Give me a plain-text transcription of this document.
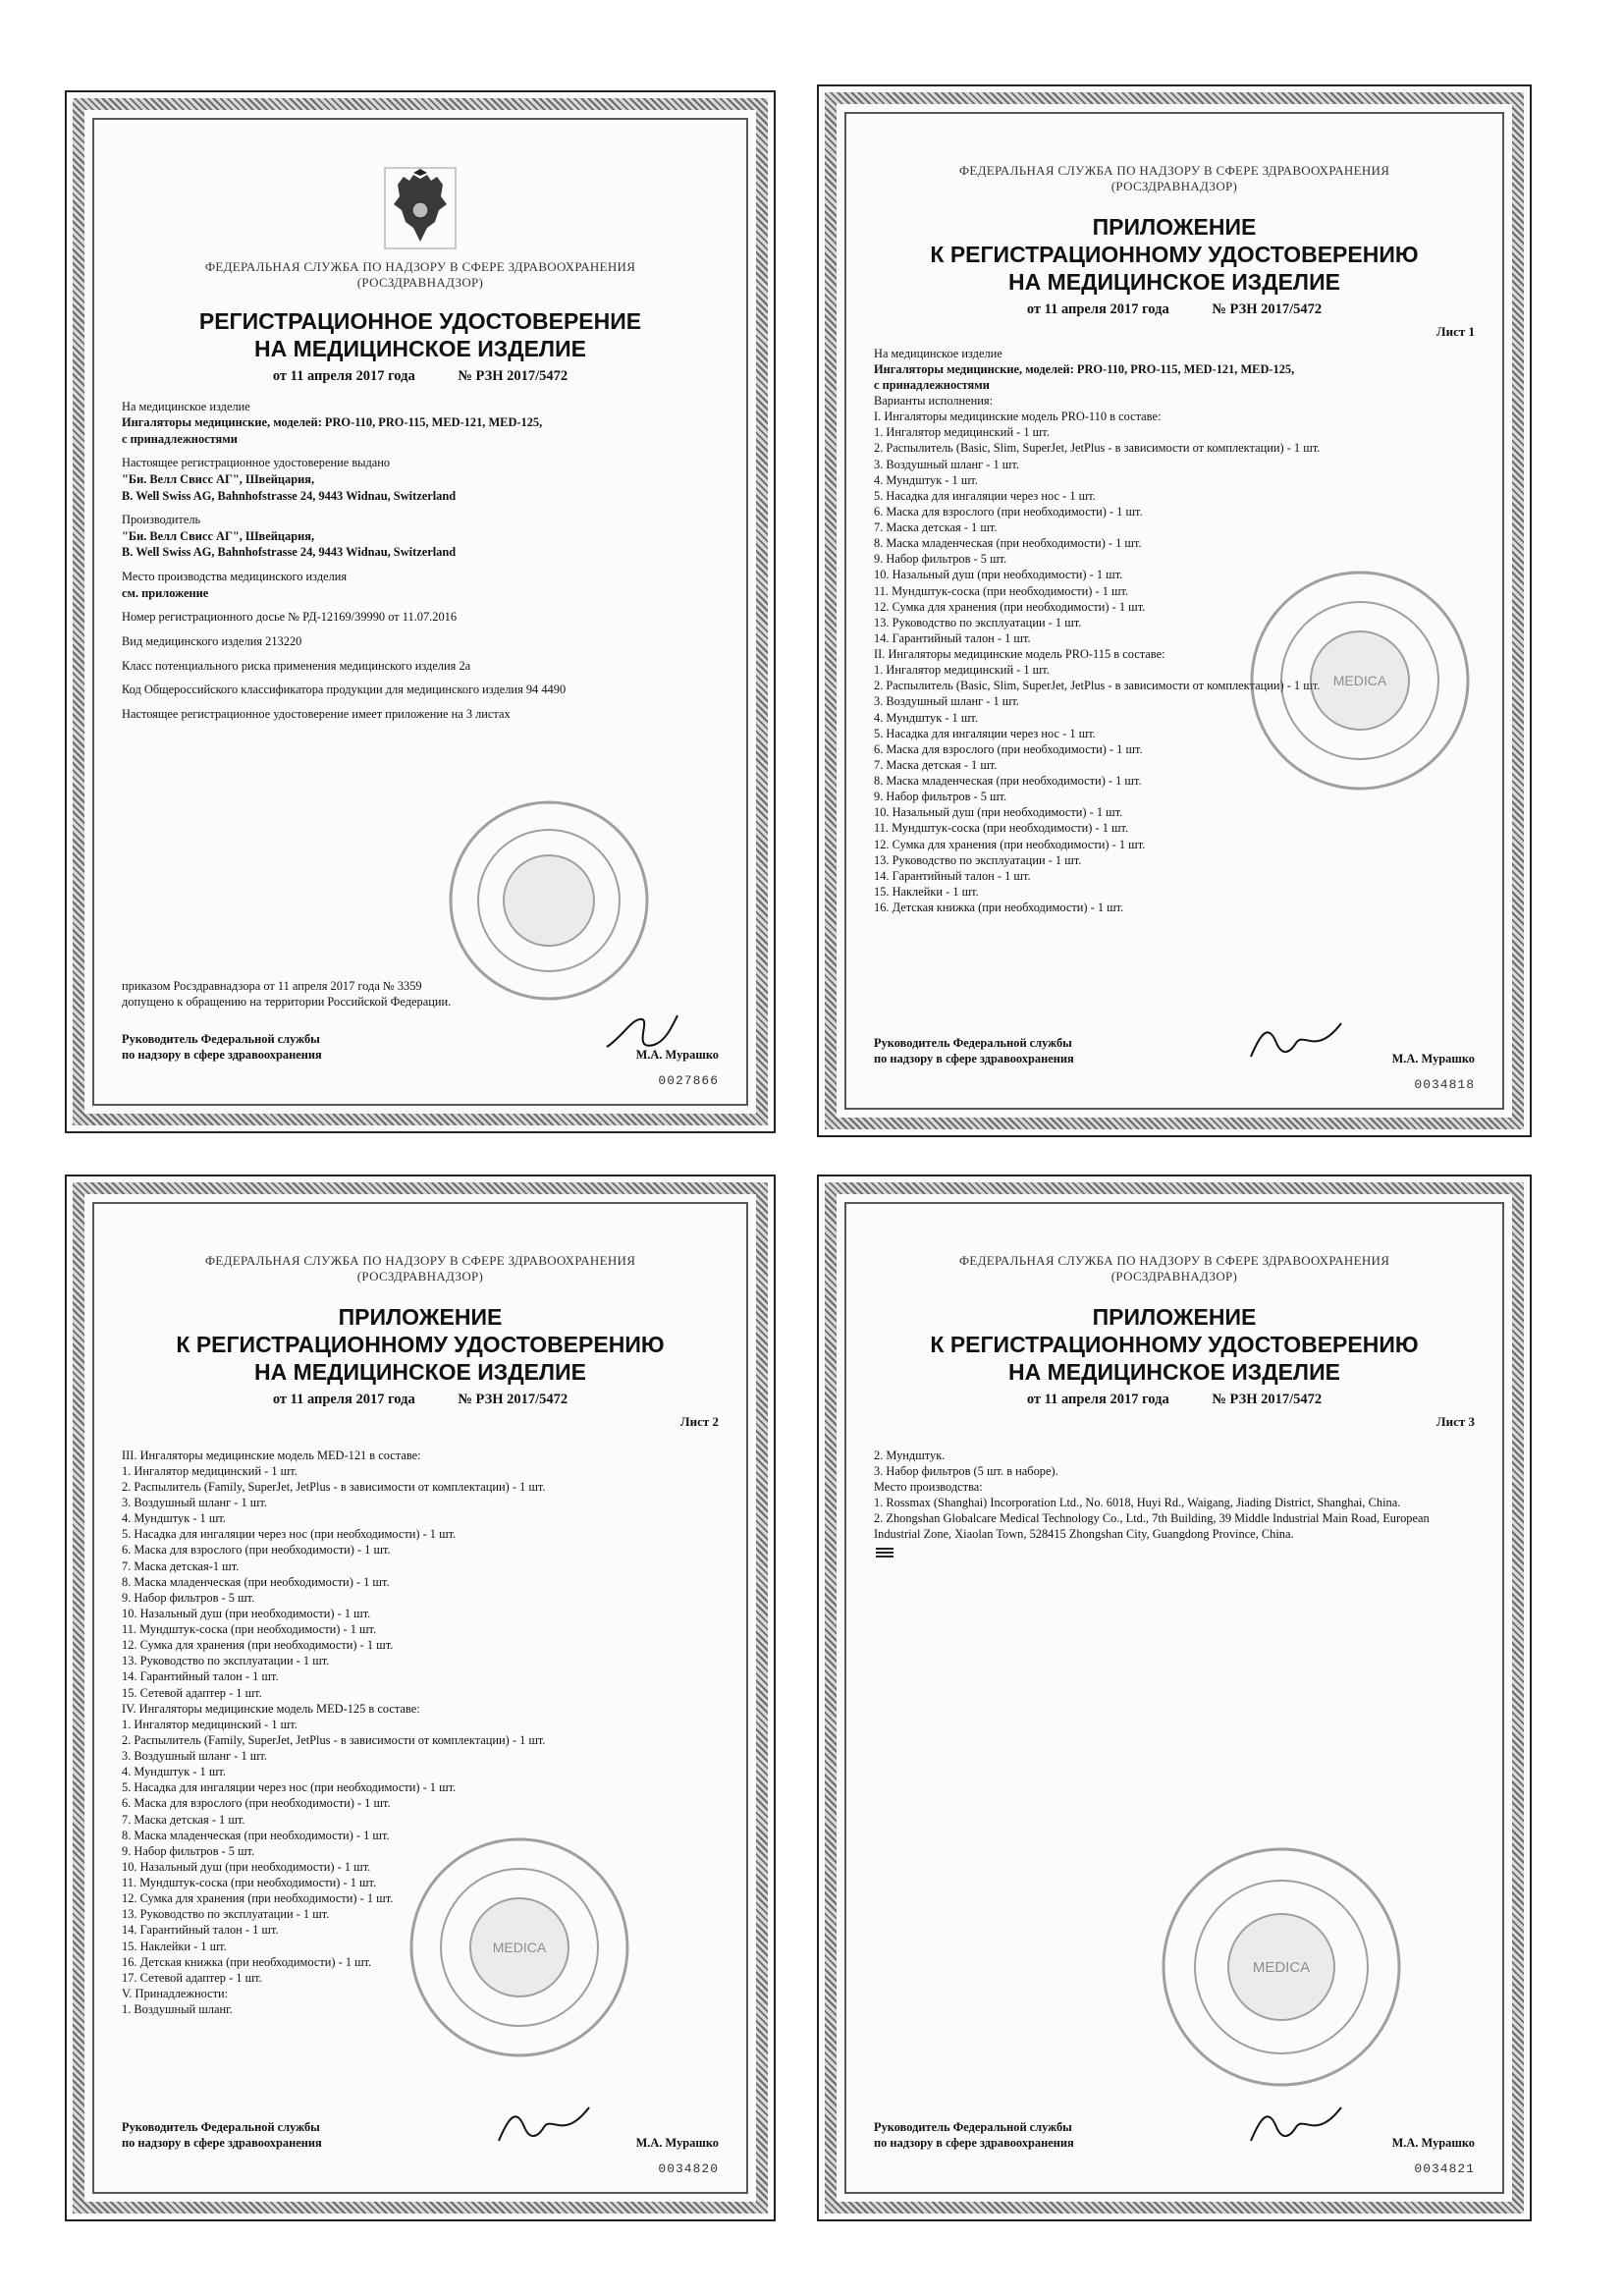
ФЕДЕРАЛЬНАЯ СЛУЖБА ПО НАДЗОРУ В СФЕРЕ ЗДРАВООХРАНЕНИЯ
(РОСЗДРАВНАДЗОР)
РЕГИСТРАЦИОННОЕ УДОСТОВЕРЕНИЕ
НА МЕДИЦИНСКОЕ ИЗДЕЛИЕ
от 11 апреля 2017 года	№ РЗН 2017/5472
На медицинское изделие
Ингаляторы медицинские, моделей: PRO-110, PRO-115, MED-121, MED-125,
с принадлежностями
Настоящее регистрационное удостоверение выдано
"Би. Велл Свисс АГ", Швейцария,
B. Well Swiss AG, Bahnhofstrasse 24, 9443 Widnau, Switzerland
Производитель
"Би. Велл Свисс АГ", Швейцария,
B. Well Swiss AG, Bahnhofstrasse 24, 9443 Widnau, Switzerland
Место производства медицинского изделия
см. приложение
Номер регистрационного досье № РД-12169/39990 от 11.07.2016
Вид медицинского изделия 213220
Класс потенциального риска применения медицинского изделия 2а
Код Общероссийского классификатора продукции для медицинского изделия 94 4490
Настоящее регистрационное удостоверение имеет приложение на 3 листах
приказом Росздравнадзора от 11 апреля 2017 года № 3359
допущено к обращению на территории Российской Федерации.
Руководитель Федеральной службы
по надзору в сфере здравоохранения	М.А. Мурашко
0027866
ФЕДЕРАЛЬНАЯ СЛУЖБА ПО НАДЗОРУ В СФЕРЕ ЗДРАВООХРАНЕНИЯ
(РОСЗДРАВНАДЗОР)
ПРИЛОЖЕНИЕ
К РЕГИСТРАЦИОННОМУ УДОСТОВЕРЕНИЮ
НА МЕДИЦИНСКОЕ ИЗДЕЛИЕ
от 11 апреля 2017 года	№ РЗН 2017/5472
Лист 1
На медицинское изделие
Ингаляторы медицинские, моделей: PRO-110, PRO-115, MED-121, MED-125,
с принадлежностями
Варианты исполнения:
I. Ингаляторы медицинские модель PRO-110 в составе:
1. Ингалятор медицинский - 1 шт.
2. Распылитель (Basic, Slim, SuperJet, JetPlus - в зависимости от комплектации) - 1 шт.
3. Воздушный шланг - 1 шт.
4. Мундштук - 1 шт.
5. Насадка для ингаляции через нос - 1 шт.
6. Маска для взрослого (при необходимости) - 1 шт.
7. Маска детская - 1 шт.
8. Маска младенческая (при необходимости) - 1 шт.
9. Набор фильтров - 5 шт.
10. Назальный душ (при необходимости) - 1 шт.
11. Мундштук-соска (при необходимости) - 1 шт.
12. Сумка для хранения (при необходимости) - 1 шт.
13. Руководство по эксплуатации - 1 шт.
14. Гарантийный талон - 1 шт.
II. Ингаляторы медицинские модель PRO-115 в составе:
1. Ингалятор медицинский - 1 шт.
2. Распылитель (Basic, Slim, SuperJet, JetPlus - в зависимости от комплектации) - 1 шт.
3. Воздушный шланг - 1 шт.
4. Мундштук - 1 шт.
5. Насадка для ингаляции через нос - 1 шт.
6. Маска для взрослого (при необходимости) - 1 шт.
7. Маска детская - 1 шт.
8. Маска младенческая (при необходимости) - 1 шт.
9. Набор фильтров - 5 шт.
10. Назальный душ (при необходимости) - 1 шт.
11. Мундштук-соска (при необходимости) - 1 шт.
12. Сумка для хранения (при необходимости) - 1 шт.
13. Руководство по эксплуатации - 1 шт.
14. Гарантийный талон - 1 шт.
15. Наклейки - 1 шт.
16. Детская книжка (при необходимости) - 1 шт.
Руководитель Федеральной службы
по надзору в сфере здравоохранения	М.А. Мурашко
0034818
MEDICA
ФЕДЕРАЛЬНАЯ СЛУЖБА ПО НАДЗОРУ В СФЕРЕ ЗДРАВООХРАНЕНИЯ
(РОСЗДРАВНАДЗОР)
ПРИЛОЖЕНИЕ
К РЕГИСТРАЦИОННОМУ УДОСТОВЕРЕНИЮ
НА МЕДИЦИНСКОЕ ИЗДЕЛИЕ
от 11 апреля 2017 года	№ РЗН 2017/5472
Лист 2
III. Ингаляторы медицинские модель MED-121 в составе:
1. Ингалятор медицинский - 1 шт.
2. Распылитель (Family, SuperJet, JetPlus - в зависимости от комплектации) - 1 шт.
3. Воздушный шланг - 1 шт.
4. Мундштук - 1 шт.
5. Насадка для ингаляции через нос (при необходимости) - 1 шт.
6. Маска для взрослого (при необходимости) - 1 шт.
7. Маска детская-1 шт.
8. Маска младенческая (при необходимости) - 1 шт.
9. Набор фильтров - 5 шт.
10. Назальный душ (при необходимости) - 1 шт.
11. Мундштук-соска (при необходимости) - 1 шт.
12. Сумка для хранения (при необходимости) - 1 шт.
13. Руководство по эксплуатации - 1 шт.
14. Гарантийный талон - 1 шт.
15. Сетевой адаптер - 1 шт.
IV. Ингаляторы медицинские модель MED-125 в составе:
1. Ингалятор медицинский - 1 шт.
2. Распылитель (Family, SuperJet, JetPlus - в зависимости от комплектации) - 1 шт.
3. Воздушный шланг - 1 шт.
4. Мундштук - 1 шт.
5. Насадка для ингаляции через нос (при необходимости) - 1 шт.
6. Маска для взрослого (при необходимости) - 1 шт.
7. Маска детская - 1 шт.
8. Маска младенческая (при необходимости) - 1 шт.
9. Набор фильтров - 5 шт.
10. Назальный душ (при необходимости) - 1 шт.
11. Мундштук-соска (при необходимости) - 1 шт.
12. Сумка для хранения (при необходимости) - 1 шт.
13. Руководство по эксплуатации - 1 шт.
14. Гарантийный талон - 1 шт.
15. Наклейки - 1 шт.
16. Детская книжка (при необходимости) - 1 шт.
17. Сетевой адаптер - 1 шт.
V. Принадлежности:
1. Воздушный шланг.
Руководитель Федеральной службы
по надзору в сфере здравоохранения	М.А. Мурашко
0034820
MEDICA
ФЕДЕРАЛЬНАЯ СЛУЖБА ПО НАДЗОРУ В СФЕРЕ ЗДРАВООХРАНЕНИЯ
(РОСЗДРАВНАДЗОР)
ПРИЛОЖЕНИЕ
К РЕГИСТРАЦИОННОМУ УДОСТОВЕРЕНИЮ
НА МЕДИЦИНСКОЕ ИЗДЕЛИЕ
от 11 апреля 2017 года	№ РЗН 2017/5472
Лист 3
2. Мундштук.
3. Набор фильтров (5 шт. в наборе).
Место производства:
1. Rossmax (Shanghai) Incorporation Ltd., No. 6018, Huyi Rd., Waigang, Jiading District, Shanghai, China.
2. Zhongshan Globalcare Medical Technology Co., Ltd., 7th Building, 39 Middle Industrial Main Road, European Industrial Zone, Xiaolan Town, 528415 Zhongshan City, Guangdong Province, China.
Руководитель Федеральной службы
по надзору в сфере здравоохранения	М.А. Мурашко
0034821
MEDICA
